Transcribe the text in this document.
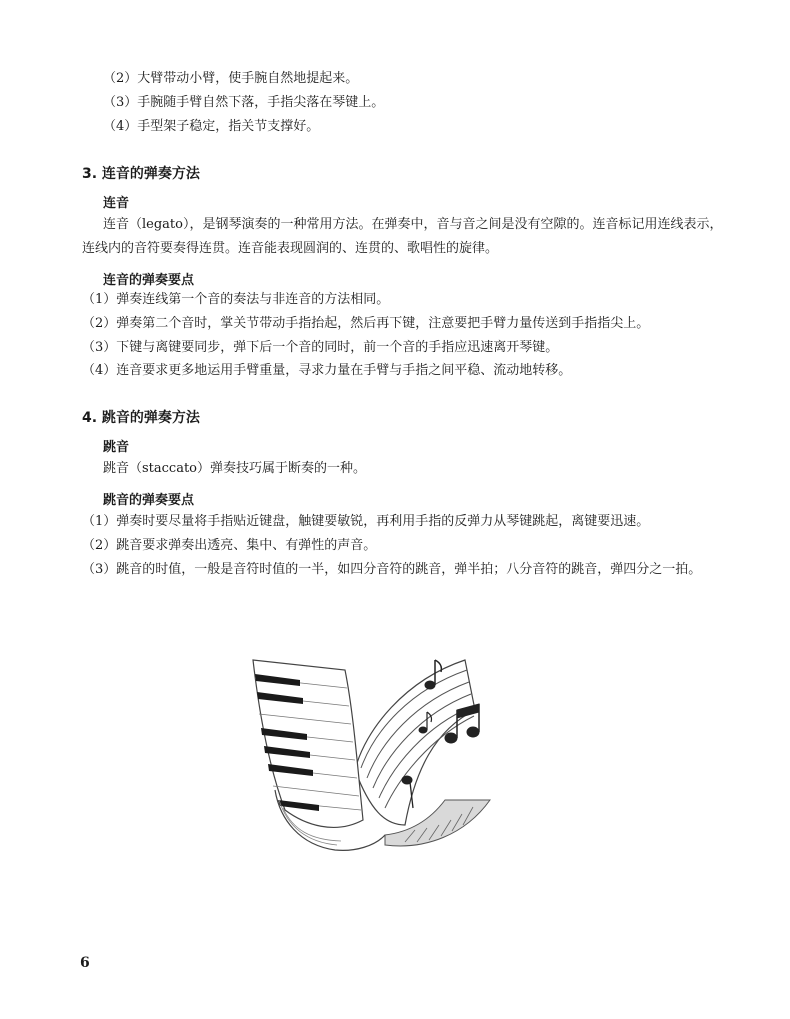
（2）大臂带动小臂，使手腕自然地提起来。
（3）手腕随手臂自然下落，手指尖落在琴键上。
（4）手型架子稳定，指关节支撑好。
3. 连音的弹奏方法
连音
连音（legato），是钢琴演奏的一种常用方法。在弹奏中，音与音之间是没有空隙的。连音标记用连线表示，
连线内的音符要奏得连贯。连音能表现圆润的、连贯的、歌唱性的旋律。
连音的弹奏要点
（1）弹奏连线第一个音的奏法与非连音的方法相同。
（2）弹奏第二个音时，掌关节带动手指抬起，然后再下键，注意要把手臂力量传送到手指指尖上。
（3）下键与离键要同步，弹下后一个音的同时，前一个音的手指应迅速离开琴键。
（4）连音要求更多地运用手臂重量，寻求力量在手臂与手指之间平稳、流动地转移。
4. 跳音的弹奏方法
跳音
跳音（staccato）弹奏技巧属于断奏的一种。
跳音的弹奏要点
（1）弹奏时要尽量将手指贴近键盘，触键要敏锐，再利用手指的反弹力从琴键跳起，离键要迅速。
（2）跳音要求弹奏出透亮、集中、有弹性的声音。
（3）跳音的时值，一般是音符时值的一半，如四分音符的跳音，弹半拍；八分音符的跳音，弹四分之一拍。
6
